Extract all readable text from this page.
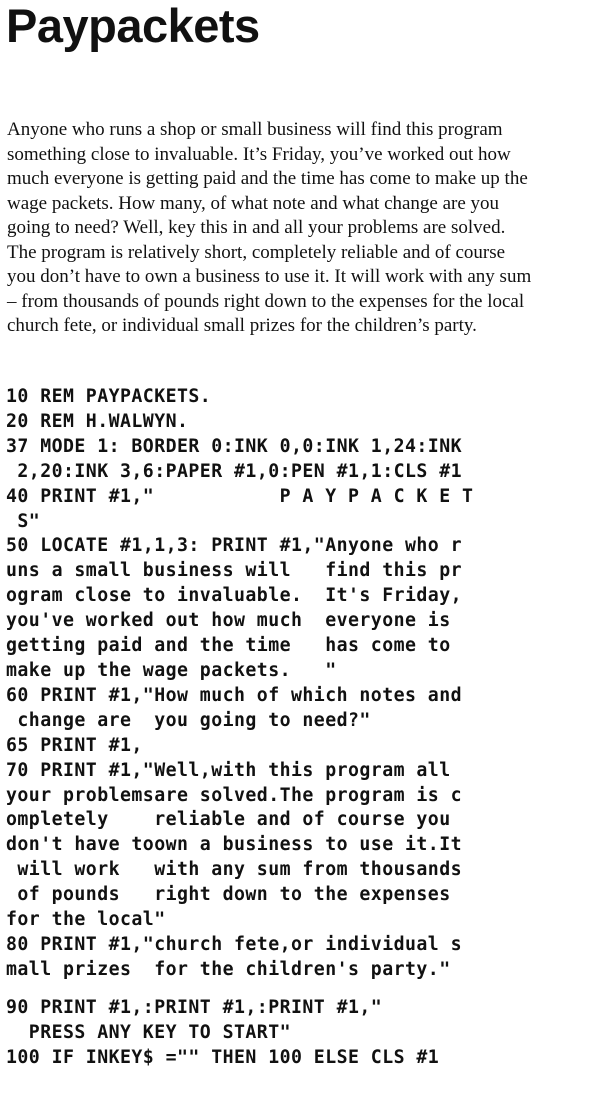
Paypackets
Anyone who runs a shop or small business will find this program
something close to invaluable. It’s Friday, you’ve worked out how
much everyone is getting paid and the time has come to make up the
wage packets. How many, of what note and what change are you
going to need? Well, key this in and all your problems are solved.
The program is relatively short, completely reliable and of course
you don’t have to own a business to use it. It will work with any sum
– from thousands of pounds right down to the expenses for the local
church fete, or individual small prizes for the children’s party.
10 REM PAYPACKETS.
20 REM H.WALWYN.
37 MODE 1: BORDER 0:INK 0,0:INK 1,24:INK
2,20:INK 3,6:PAPER #1,0:PEN #1,1:CLS #1
40 PRINT #1,"           P A Y P A C K E T
S"
50 LOCATE #1,1,3: PRINT #1,"Anyone who r
uns a small business will   find this pr
ogram close to invaluable.  It's Friday,
you've worked out how much  everyone is
getting paid and the time   has come to
make up the wage packets.   "
60 PRINT #1,"How much of which notes and
change are  you going to need?"
65 PRINT #1,
70 PRINT #1,"Well,with this program all
your problemsare solved.The program is c
ompletely    reliable and of course you
don't have toown a business to use it.It
will work   with any sum from thousands
of pounds   right down to the expenses
for the local"
80 PRINT #1,"church fete,or individual s
mall prizes  for the children's party."
90 PRINT #1,:PRINT #1,:PRINT #1,"
PRESS ANY KEY TO START"
100 IF INKEY$ ="" THEN 100 ELSE CLS #1
